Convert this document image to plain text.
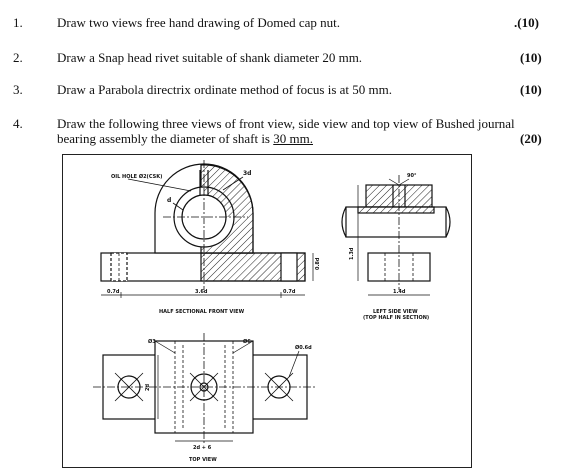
1.	Draw two views free hand drawing of Domed cap nut.	.(10)
2.	Draw a Snap head rivet suitable of shank diameter 20 mm.	(10)
3.	Draw a Parabola directrix ordinate method of focus is at 50 mm.	(10)
4.	Draw the following three views of front view, side view and top view of Bushed journal
bearing assembly the diameter of shaft is 30 mm.	(20)
OIL HOLE Ø2(CSK)
d
3d
0.7d	3.6d	0.7d
0.8d
HALF SECTIONAL FRONT VIEW
90°
1.3d
1.4d
LEFT SIDE VIEW
(TOP HALF IN SECTION)
Ø3	Ø6
Ø0.6d
2d
2d + 6
TOP VIEW
